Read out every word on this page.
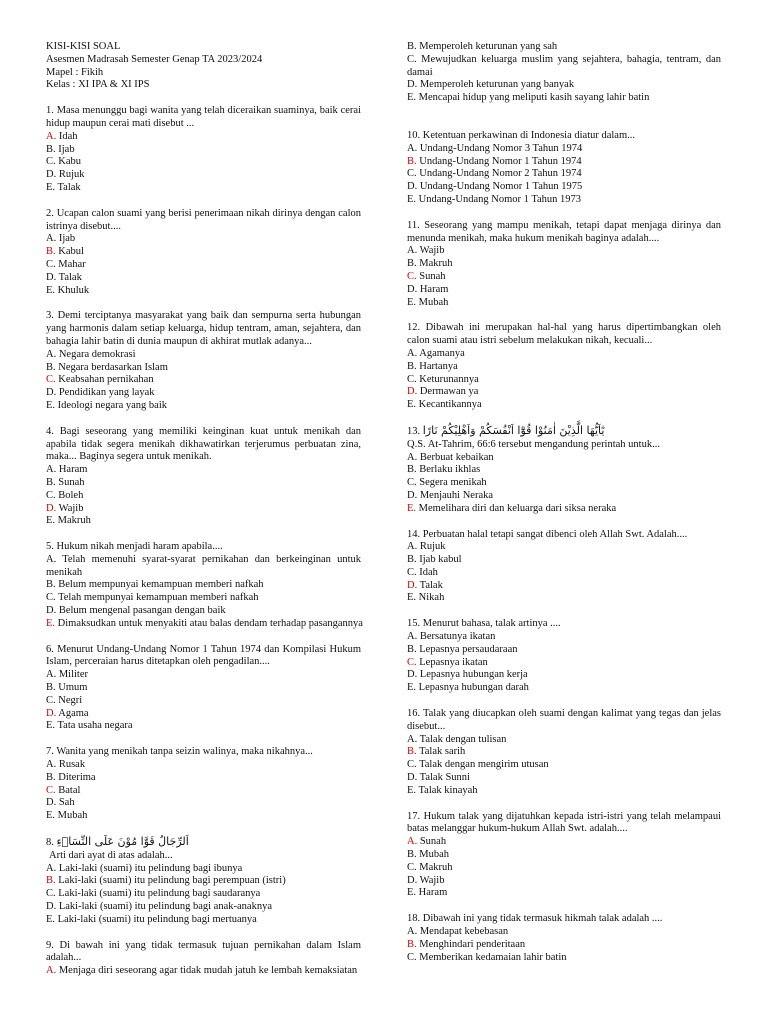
KISI-KISI SOAL
Asesmen Madrasah Semester Genap TA 2023/2024
Mapel : Fikih
Kelas : XI IPA & XI IPS
1. Masa menunggu bagi wanita yang telah diceraikan suaminya, baik cerai hidup maupun cerai mati disebut ...
A. Idah
B. Ijab
C. Kabu
D. Rujuk
E. Talak
2. Ucapan calon suami yang berisi penerimaan nikah dirinya dengan calon istrinya disebut....
A. Ijab
B. Kabul
C. Mahar
D. Talak
E. Khuluk
3. Demi terciptanya masyarakat yang baik dan sempurna serta hubungan yang harmonis dalam setiap keluarga, hidup tentram, aman, sejahtera, dan bahagia lahir batin di dunia maupun di akhirat mutlak adanya...
A. Negara demokrasi
B. Negara berdasarkan Islam
C. Keabsahan pernikahan
D. Pendidikan yang layak
E. Ideologi negara yang baik
4. Bagi seseorang yang memiliki keinginan kuat untuk menikah dan apabila tidak segera menikah dikhawatirkan terjerumus perbuatan zina, maka... Baginya segera untuk menikah.
A. Haram
B. Sunah
C. Boleh
D. Wajib
E. Makruh
5. Hukum nikah menjadi haram apabila....
A. Telah memenuhi syarat-syarat pernikahan dan berkeinginan untuk menikah
B. Belum mempunyai kemampuan memberi nafkah
C. Telah mempunyai kemampuan memberi nafkah
D. Belum mengenal pasangan dengan baik
E. Dimaksudkan untuk menyakiti atau balas dendam terhadap pasangannya
6. Menurut Undang-Undang Nomor 1 Tahun 1974 dan Kompilasi Hukum Islam, perceraian harus ditetapkan oleh pengadilan....
A. Militer
B. Umum
C. Negri
D. Agama
E. Tata usaha negara
7. Wanita yang menikah tanpa seizin walinya, maka nikahnya...
A. Rusak
B. Diterima
C. Batal
D. Sah
E. Mubah
8. اَلرِّجَالُ قَوَّا مُوْنَ عَلَى النِّسَاۤءِ
Arti dari ayat di atas adalah...
A. Laki-laki (suami) itu pelindung bagi ibunya
B. Laki-laki (suami) itu pelindung bagi perempuan (istri)
C. Laki-laki (suami) itu pelindung bagi saudaranya
D. Laki-laki (suami) itu pelindung bagi anak-anaknya
E. Laki-laki (suami) itu pelindung bagi mertuanya
9. Di bawah ini yang tidak termasuk tujuan pernikahan dalam Islam adalah...
A. Menjaga diri seseorang agar tidak mudah jatuh ke lembah kemaksiatan
B. Memperoleh keturunan yang sah
C. Mewujudkan keluarga muslim yang sejahtera, bahagia, tentram, dan damai
D. Memperoleh keturunan yang banyak
E. Mencapai hidup yang meliputi kasih sayang lahir batin
10. Ketentuan perkawinan di Indonesia diatur dalam...
A. Undang-Undang Nomor 3 Tahun 1974
B. Undang-Undang Nomor 1 Tahun 1974
C. Undang-Undang Nomor 2 Tahun 1974
D. Undang-Undang Nomor 1 Tahun 1975
E. Undang-Undang Nomor 1 Tahun 1973
11. Seseorang yang mampu menikah, tetapi dapat menjaga dirinya dan menunda menikah, maka hukum menikah baginya adalah....
A. Wajib
B. Makruh
C. Sunah
D. Haram
E. Mubah
12. Dibawah ini merupakan hal-hal yang harus dipertimbangkan oleh calon suami atau istri sebelum melakukan nikah, kecuali...
A. Agamanya
B. Hartanya
C. Keturunannya
D. Dermawan ya
E. Kecantikannya
13. يٰٓاَيُّهَا الَّذِيْنَ اٰمَنُوْا قُوْٓا اَنْفُسَكُمْ وَاَهْلِيْكُمْ نَارًا
Q.S. At-Tahrim, 66:6 tersebut mengandung perintah untuk...
A. Berbuat kebaikan
B. Berlaku ikhlas
C. Segera menikah
D. Menjauhi Neraka
E. Memelihara diri dan keluarga dari siksa neraka
14. Perbuatan halal tetapi sangat dibenci oleh Allah Swt. Adalah....
A. Rujuk
B. Ijab kabul
C. Idah
D. Talak
E. Nikah
15. Menurut bahasa, talak artinya ....
A. Bersatunya ikatan
B. Lepasnya persaudaraan
C. Lepasnya ikatan
D. Lepasnya hubungan kerja
E. Lepasnya hubungan darah
16. Talak yang diucapkan oleh suami dengan kalimat yang tegas dan jelas disebut...
A. Talak dengan tulisan
B. Talak sarih
C. Talak dengan mengirim utusan
D. Talak Sunni
E. Talak kinayah
17. Hukum talak yang dijatuhkan kepada istri-istri yang telah melampaui batas melanggar hukum-hukum Allah Swt. adalah....
A. Sunah
B. Mubah
C. Makruh
D. Wajib
E. Haram
18. Dibawah ini yang tidak termasuk hikmah talak adalah ....
A. Mendapat kebebasan
B. Menghindari penderitaan
C. Memberikan kedamaian lahir batin
